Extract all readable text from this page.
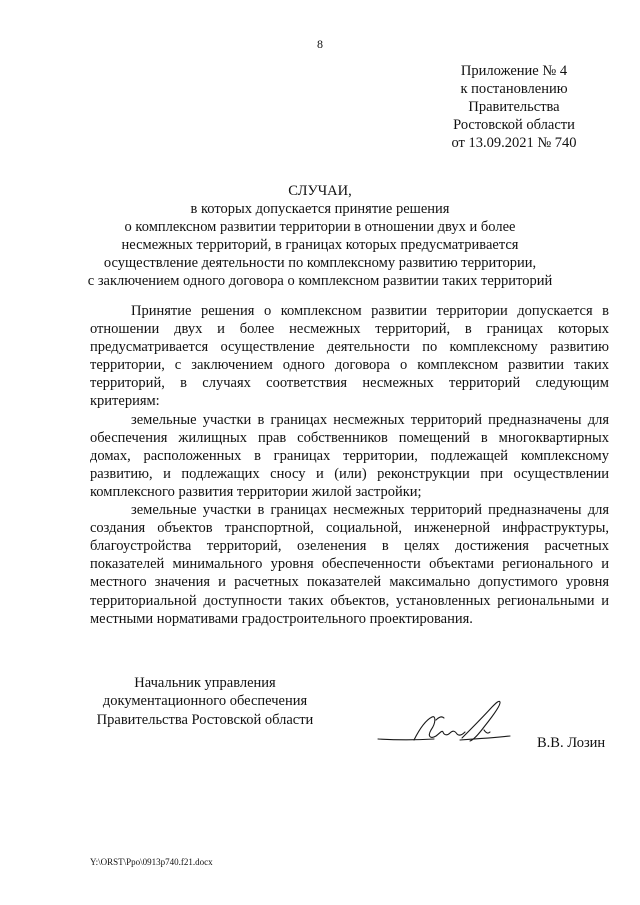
8
Приложение № 4
к постановлению
Правительства
Ростовской области
от 13.09.2021 № 740
СЛУЧАИ,
в которых допускается принятие решения
о комплексном развитии территории в отношении двух и более
несмежных территорий, в границах которых предусматривается
осуществление деятельности по комплексному развитию территории,
с заключением одного договора о комплексном развитии таких территорий

Принятие решения о комплексном развитии территории допускается в отношении двух и более несмежных территорий, в границах которых предусматривается осуществление деятельности по комплексному развитию территории, с заключением одного договора о комплексном развитии таких территорий, в случаях соответствия несмежных территорий следующим критериям:

земельные участки в границах несмежных территорий предназначены для обеспечения жилищных прав собственников помещений в многоквартирных домах, расположенных в границах территории, подлежащей комплексному развитию, и подлежащих сносу и (или) реконструкции при осуществлении комплексного развития территории жилой застройки;

земельные участки в границах несмежных территорий предназначены для создания объектов транспортной, социальной, инженерной инфраструктуры, благоустройства территорий, озеленения в целях достижения расчетных показателей минимального уровня обеспеченности объектами регионального и местного значения и расчетных показателей максимально допустимого уровня территориальной доступности таких объектов, установленных региональными и местными нормативами градостроительного проектирования.

Начальник управления
документационного обеспечения
Правительства Ростовской области
В.В. Лозин
Y:\ORST\Ppo\0913p740.f21.docx
